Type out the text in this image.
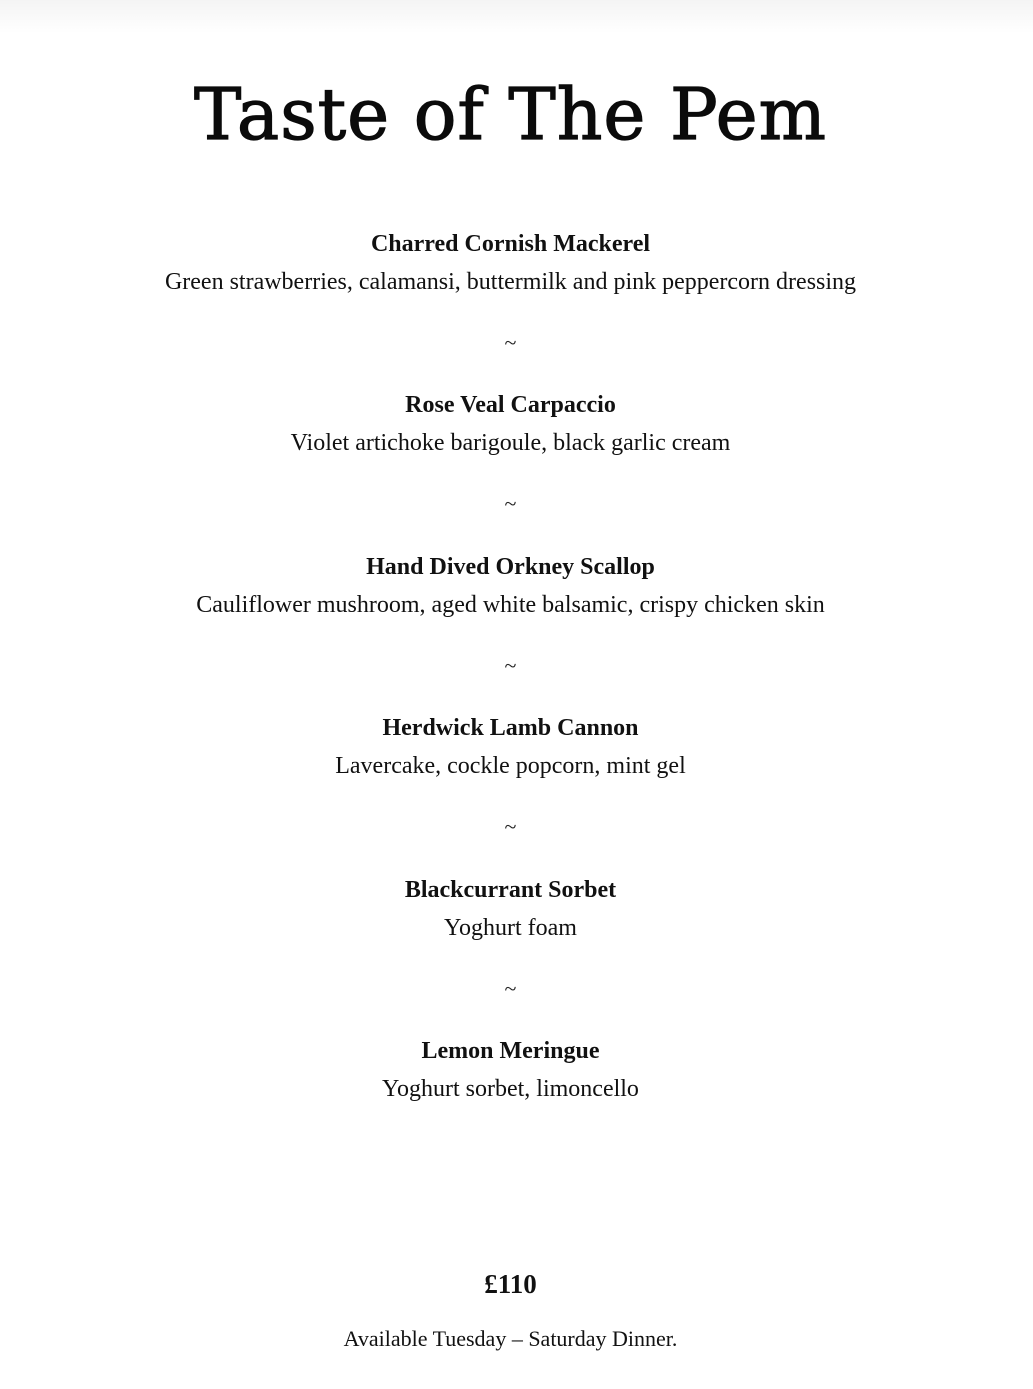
Taste of The Pem
Charred Cornish Mackerel
Green strawberries, calamansi, buttermilk and pink peppercorn dressing
~
Rose Veal Carpaccio
Violet artichoke barigoule, black garlic cream
~
Hand Dived Orkney Scallop
Cauliflower mushroom, aged white balsamic, crispy chicken skin
~
Herdwick Lamb Cannon
Lavercake, cockle popcorn, mint gel
~
Blackcurrant Sorbet
Yoghurt foam
~
Lemon Meringue
Yoghurt sorbet, limoncello
£110
Available Tuesday – Saturday Dinner.
